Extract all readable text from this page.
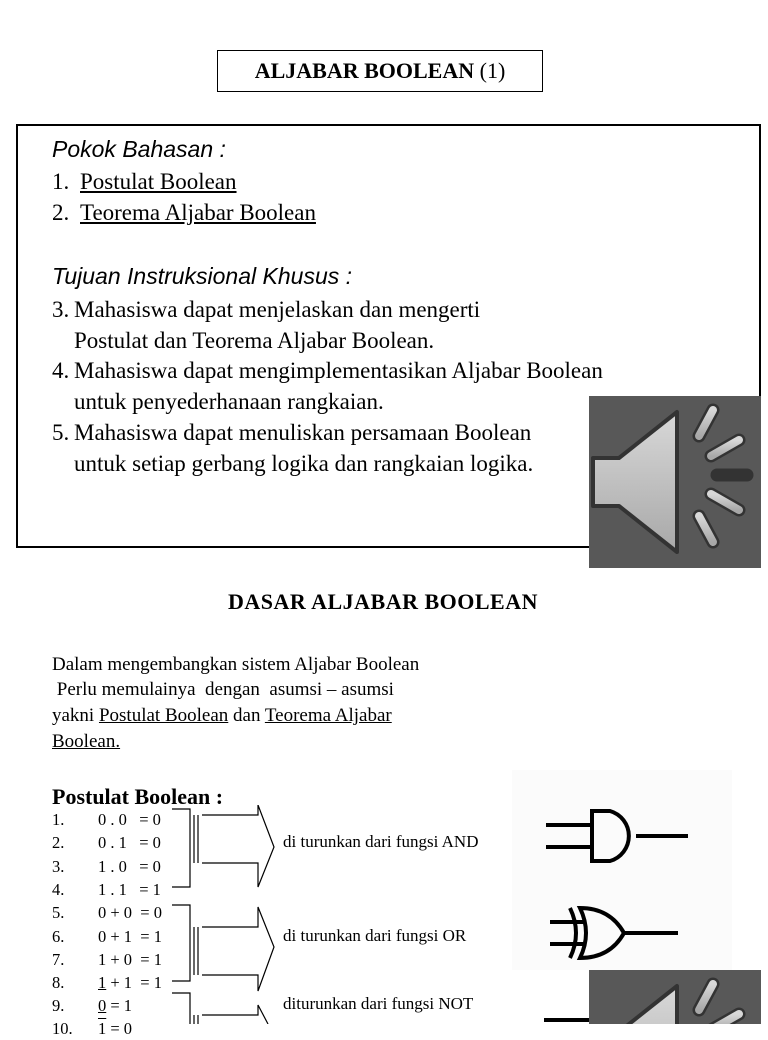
ALJABAR BOOLEAN
(1)
Pokok Bahasan :
1. Postulat Boolean
2. Teorema Aljabar Boolean
Tujuan Instruksional Khusus :
3. Mahasiswa dapat menjelaskan dan mengerti
Postulat dan Teorema Aljabar Boolean.
4. Mahasiswa dapat mengimplementasikan Aljabar Boolean
untuk penyederhanaan rangkaian.
5. Mahasiswa dapat menuliskan persamaan Boolean
untuk setiap gerbang logika dan rangkaian logika.
DASAR ALJABAR BOOLEAN
Dalam mengembangkan sistem Aljabar Boolean
Perlu memulainya  dengan  asumsi – asumsi
yakni Postulat Boolean dan Teorema Aljabar
Boolean.
Postulat Boolean :
1. 0 . 0   = 0
2. 0 . 1   = 0
3. 1 . 0   = 0
4. 1 . 1   = 1
5. 0 + 0  = 0
6. 0 + 1  = 1
7. 1 + 0  = 1
8. 1 + 1  = 1
9. 0 = 1
10. 1 = 0
di turunkan dari fungsi AND
di turunkan dari fungsi OR
diturunkan dari fungsi NOT
